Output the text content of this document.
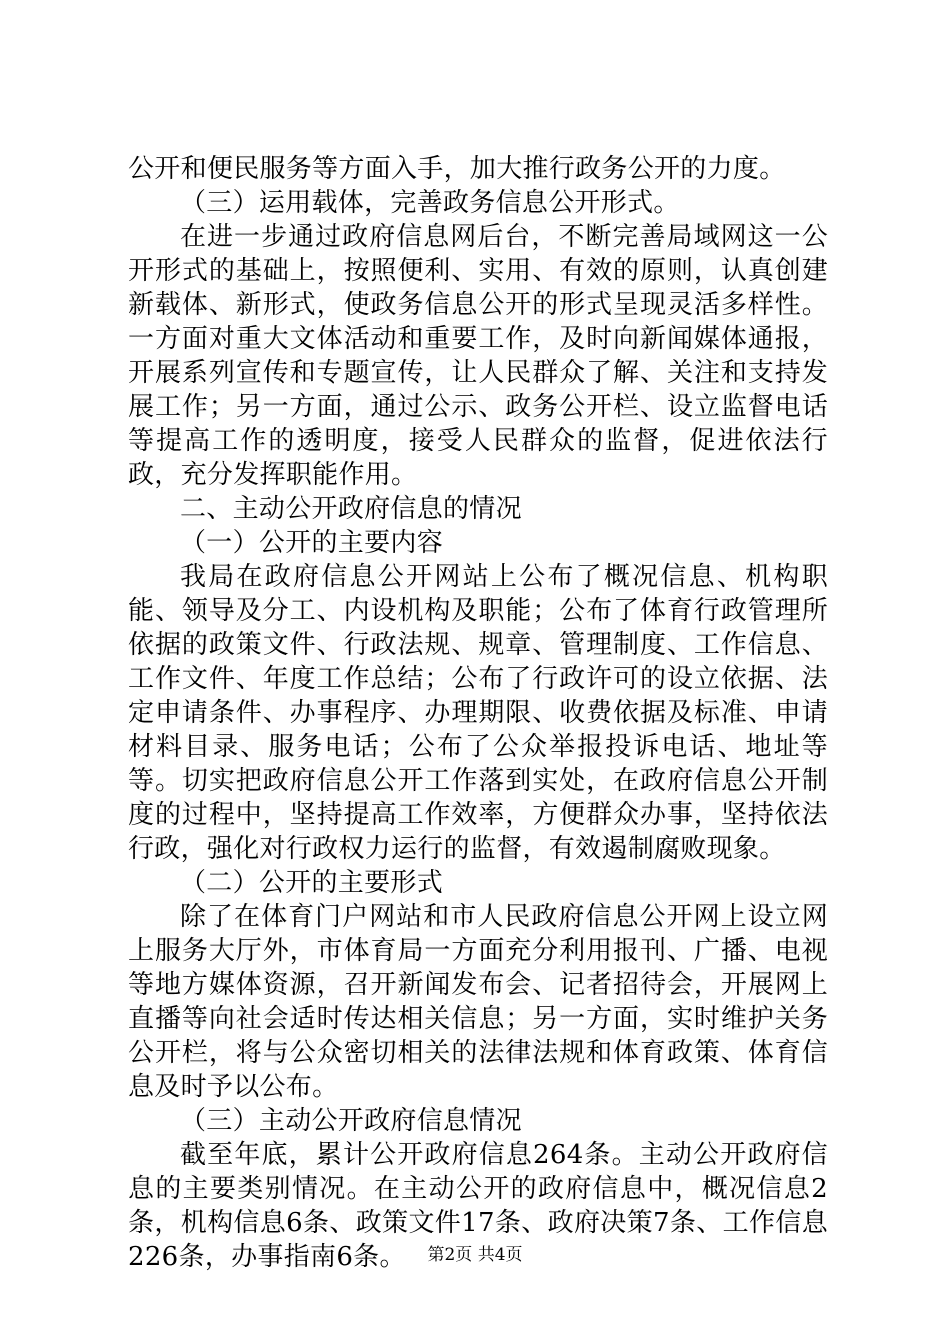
公开和便民服务等方面入手，加大推行政务公开的力度。

（三）运用载体，完善政务信息公开形式。

在进一步通过政府信息网后台，不断完善局域网这一公开形式的基础上，按照便利、实用、有效的原则，认真创建新载体、新形式，使政务信息公开的形式呈现灵活多样性。一方面对重大文体活动和重要工作，及时向新闻媒体通报，开展系列宣传和专题宣传，让人民群众了解、关注和支持发展工作；另一方面，通过公示、政务公开栏、设立监督电话等提高工作的透明度，接受人民群众的监督，促进依法行政，充分发挥职能作用。

二、主动公开政府信息的情况

（一）公开的主要内容

我局在政府信息公开网站上公布了概况信息、机构职能、领导及分工、内设机构及职能；公布了体育行政管理所依据的政策文件、行政法规、规章、管理制度、工作信息、工作文件、年度工作总结；公布了行政许可的设立依据、法定申请条件、办事程序、办理期限、收费依据及标准、申请材料目录、服务电话；公布了公众举报投诉电话、地址等等。切实把政府信息公开工作落到实处，在政府信息公开制度的过程中，坚持提高工作效率，方便群众办事，坚持依法行政，强化对行政权力运行的监督，有效遏制腐败现象。

（二）公开的主要形式

除了在体育门户网站和市人民政府信息公开网上设立网上服务大厅外，市体育局一方面充分利用报刊、广播、电视等地方媒体资源，召开新闻发布会、记者招待会，开展网上直播等向社会适时传达相关信息；另一方面，实时维护关务公开栏，将与公众密切相关的法律法规和体育政策、体育信息及时予以公布。

（三）主动公开政府信息情况

截至年底，累计公开政府信息264条。主动公开政府信息的主要类别情况。在主动公开的政府信息中，概况信息2条，机构信息6条、政策文件17条、政府决策7条、工作信息226条，办事指南6条。	第2页 共4页
